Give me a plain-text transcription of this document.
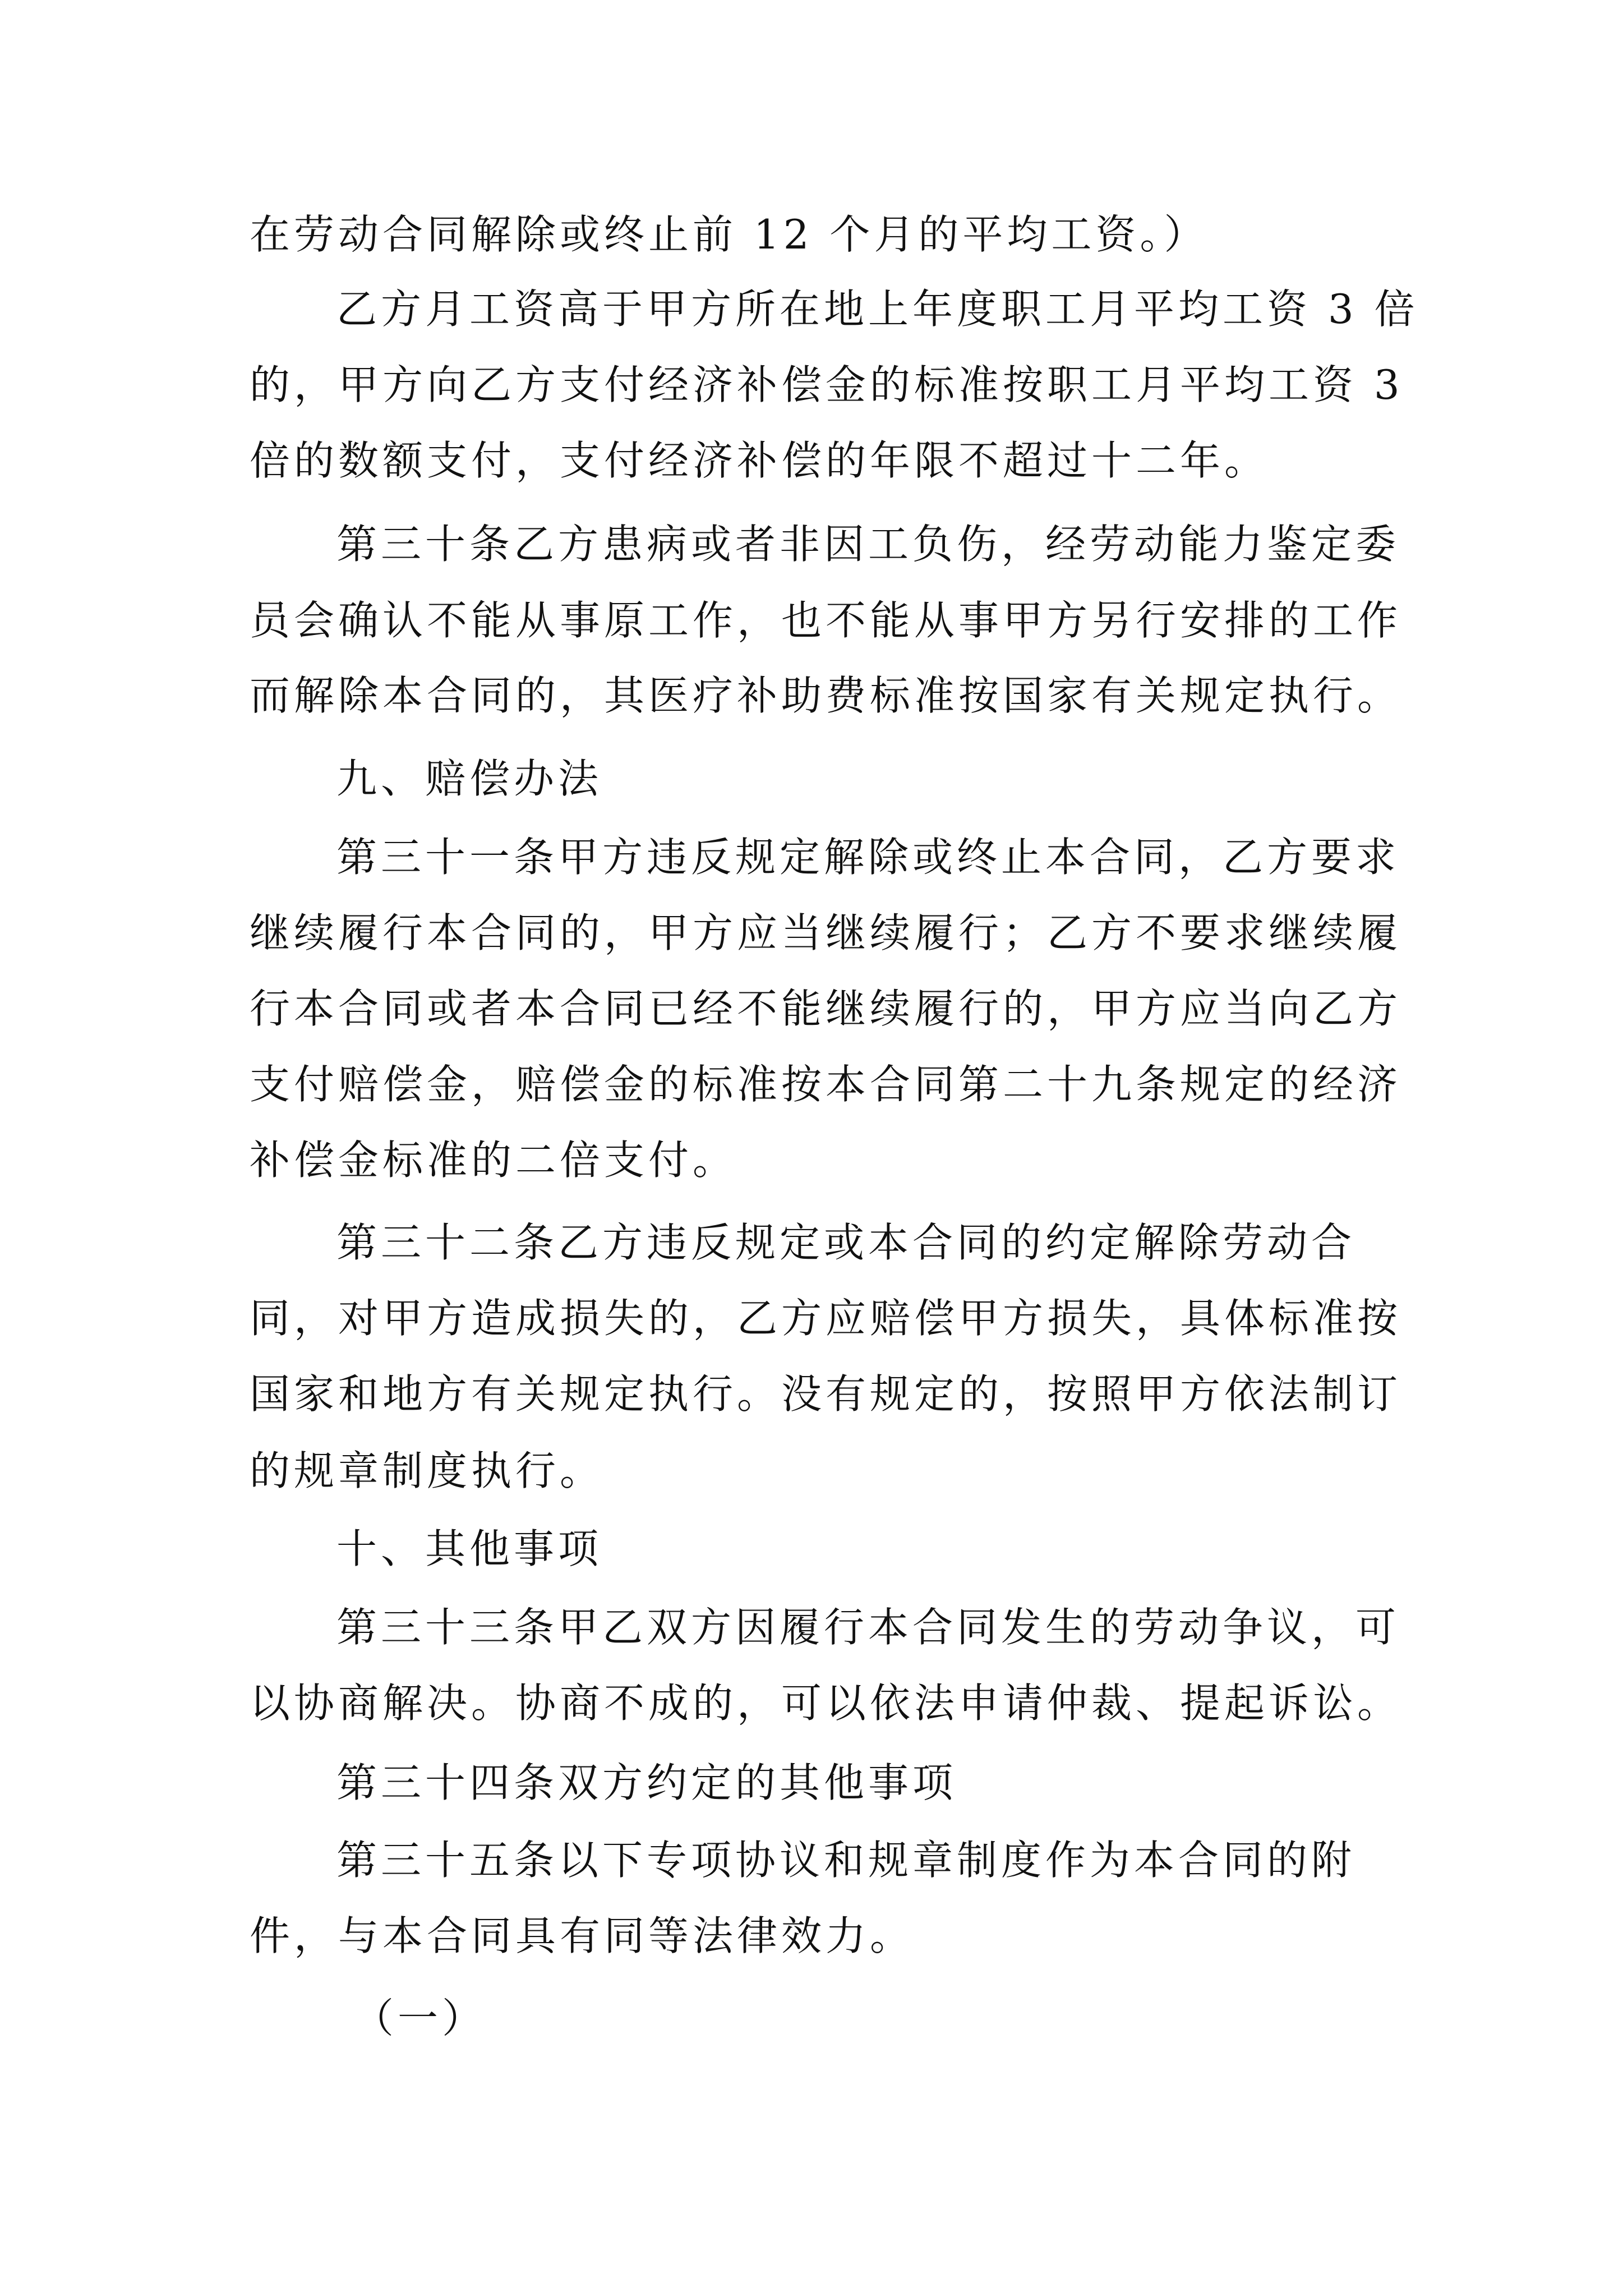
在劳动合同解除或终止前 12 个月的平均工资。）
乙方月工资高于甲方所在地上年度职工月平均工资 3 倍
的，甲方向乙方支付经济补偿金的标准按职工月平均工资 3
倍的数额支付，支付经济补偿的年限不超过十二年。
第三十条乙方患病或者非因工负伤，经劳动能力鉴定委
员会确认不能从事原工作，也不能从事甲方另行安排的工作
而解除本合同的，其医疗补助费标准按国家有关规定执行。
九、赔偿办法
第三十一条甲方违反规定解除或终止本合同，乙方要求
继续履行本合同的，甲方应当继续履行；乙方不要求继续履
行本合同或者本合同已经不能继续履行的，甲方应当向乙方
支付赔偿金，赔偿金的标准按本合同第二十九条规定的经济
补偿金标准的二倍支付。
第三十二条乙方违反规定或本合同的约定解除劳动合
同，对甲方造成损失的，乙方应赔偿甲方损失，具体标准按
国家和地方有关规定执行。没有规定的，按照甲方依法制订
的规章制度执行。
十、其他事项
第三十三条甲乙双方因履行本合同发生的劳动争议，可
以协商解决。协商不成的，可以依法申请仲裁、提起诉讼。
第三十四条双方约定的其他事项
第三十五条以下专项协议和规章制度作为本合同的附
件，与本合同具有同等法律效力。
（一）
